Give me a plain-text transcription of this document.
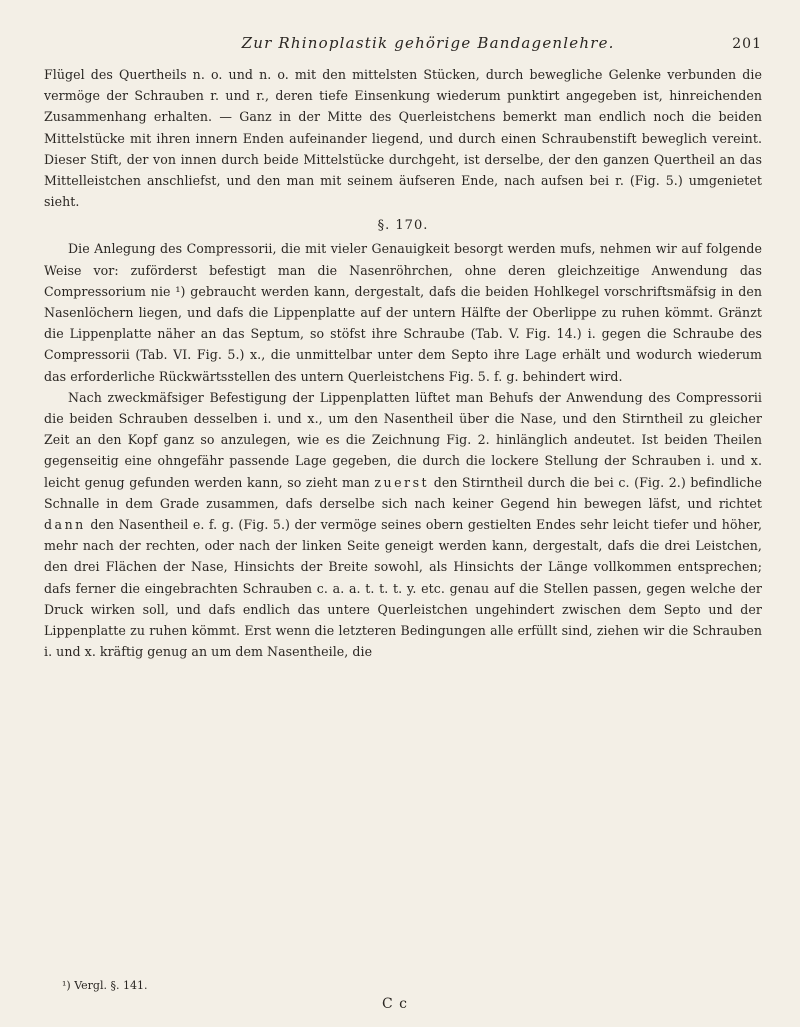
Zur Rhinoplastik gehörige Bandagenlehre.	201

Flügel des Quertheils n. o. und n. o. mit den mittelsten Stücken, durch bewegliche Gelenke verbunden die vermöge der Schrauben r. und r., deren tiefe Einsenkung wiederum punktirt angegeben ist, hinreichenden Zusammenhang erhalten. — Ganz in der Mitte des Querleistchens bemerkt man endlich noch die beiden Mittelstücke mit ihren innern Enden aufeinander liegend, und durch einen Schraubenstift beweglich vereint. Dieser Stift, der von innen durch beide Mittelstücke durchgeht, ist derselbe, der den ganzen Quertheil an das Mittelleistchen anschliefst, und den man mit seinem äufseren Ende, nach aufsen bei r. (Fig. 5.) umgenietet sieht.

§. 170.

Die Anlegung des Compressorii, die mit vieler Genauigkeit besorgt werden mufs, nehmen wir auf folgende Weise vor: zuförderst befestigt man die Nasenröhrchen, ohne deren gleichzeitige Anwendung das Compressorium nie ¹) gebraucht werden kann, dergestalt, dafs die beiden Hohlkegel vorschriftsmäfsig in den Nasenlöchern liegen, und dafs die Lippenplatte auf der untern Hälfte der Oberlippe zu ruhen kömmt. Gränzt die Lippenplatte näher an das Septum, so stöfst ihre Schraube (Tab. V. Fig. 14.) i. gegen die Schraube des Compressorii (Tab. VI. Fig. 5.) x., die unmittelbar unter dem Septo ihre Lage erhält und wodurch wiederum das erforderliche Rückwärtsstellen des untern Querleistchens Fig. 5. f. g. behindert wird.

Nach zweckmäfsiger Befestigung der Lippenplatten lüftet man Behufs der Anwendung des Compressorii die beiden Schrauben desselben i. und x., um den Nasentheil über die Nase, und den Stirntheil zu gleicher Zeit an den Kopf ganz so anzulegen, wie es die Zeichnung Fig. 2. hinlänglich andeutet. Ist beiden Theilen gegenseitig eine ohngefähr passende Lage gegeben, die durch die lockere Stellung der Schrauben i. und x. leicht genug gefunden werden kann, so zieht man zuerst den Stirntheil durch die bei c. (Fig. 2.) befindliche Schnalle in dem Grade zusammen, dafs derselbe sich nach keiner Gegend hin bewegen läfst, und richtet dann den Nasentheil e. f. g. (Fig. 5.) der vermöge seines obern gestielten Endes sehr leicht tiefer und höher, mehr nach der rechten, oder nach der linken Seite geneigt werden kann, dergestalt, dafs die drei Leistchen, den drei Flächen der Nase, Hinsichts der Breite sowohl, als Hinsichts der Länge vollkommen entsprechen; dafs ferner die eingebrachten Schrauben c. a. a. t. t. t. y. etc. genau auf die Stellen passen, gegen welche der Druck wirken soll, und dafs endlich das untere Querleistchen ungehindert zwischen dem Septo und der Lippenplatte zu ruhen kömmt. Erst wenn die letzteren Bedingungen alle erfüllt sind, ziehen wir die Schrauben i. und x. kräftig genug an um dem Nasentheile, die

¹) Vergl. §. 141.
C c
